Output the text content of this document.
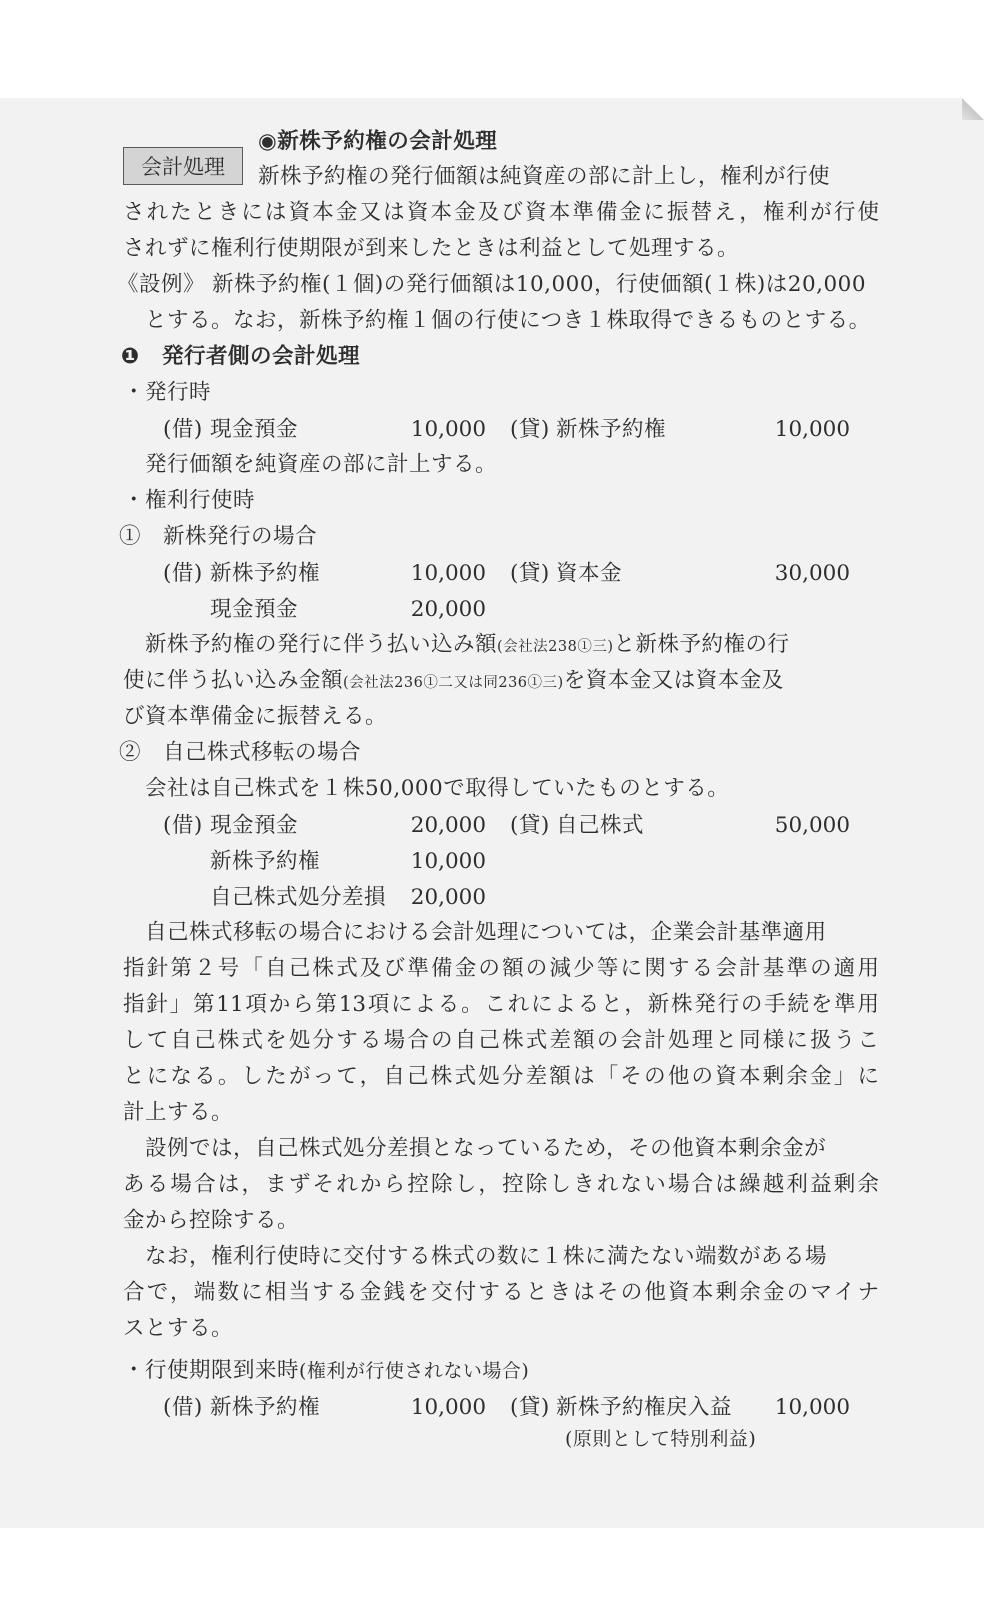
会計処理
◉新株予約権の会計処理
新株予約権の発行価額は純資産の部に計上し，権利が行使
されたときには資本金又は資本金及び資本準備金に振替え，権利が行使
されずに権利行使期限が到来したときは利益として処理する。
《設例》 新株予約権(１個)の発行価額は10,000，行使価額(１株)は20,000
とする。なお，新株予約権１個の行使につき１株取得できるものとする。
❶ 発行者側の会計処理
・発行時
(借) 現金預金	10,000 (貸) 新株予約権	10,000
発行価額を純資産の部に計上する。
・権利行使時
①　新株発行の場合
(借) 新株予約権	10,000 (貸) 資本金	30,000
現金預金	20,000
新株予約権の発行に伴う払い込み額(会社法238①三)と新株予約権の行
使に伴う払い込み金額(会社法236①二又は同236①三)を資本金又は資本金及
び資本準備金に振替える。
②　自己株式移転の場合
会社は自己株式を１株50,000で取得していたものとする。
(借) 現金預金	20,000 (貸) 自己株式	50,000
新株予約権	10,000
自己株式処分差損	20,000
自己株式移転の場合における会計処理については，企業会計基準適用
指針第２号「自己株式及び準備金の額の減少等に関する会計基準の適用
指針」第11項から第13項による。これによると，新株発行の手続を準用
して自己株式を処分する場合の自己株式差額の会計処理と同様に扱うこ
とになる。したがって，自己株式処分差額は「その他の資本剰余金」に
計上する。
設例では，自己株式処分差損となっているため，その他資本剰余金が
ある場合は，まずそれから控除し，控除しきれない場合は繰越利益剰余
金から控除する。
なお，権利行使時に交付する株式の数に１株に満たない端数がある場
合で，端数に相当する金銭を交付するときはその他資本剰余金のマイナ
スとする。
・行使期限到来時(権利が行使されない場合)
(借) 新株予約権	10,000 (貸) 新株予約権戻入益	10,000
(原則として特別利益)
